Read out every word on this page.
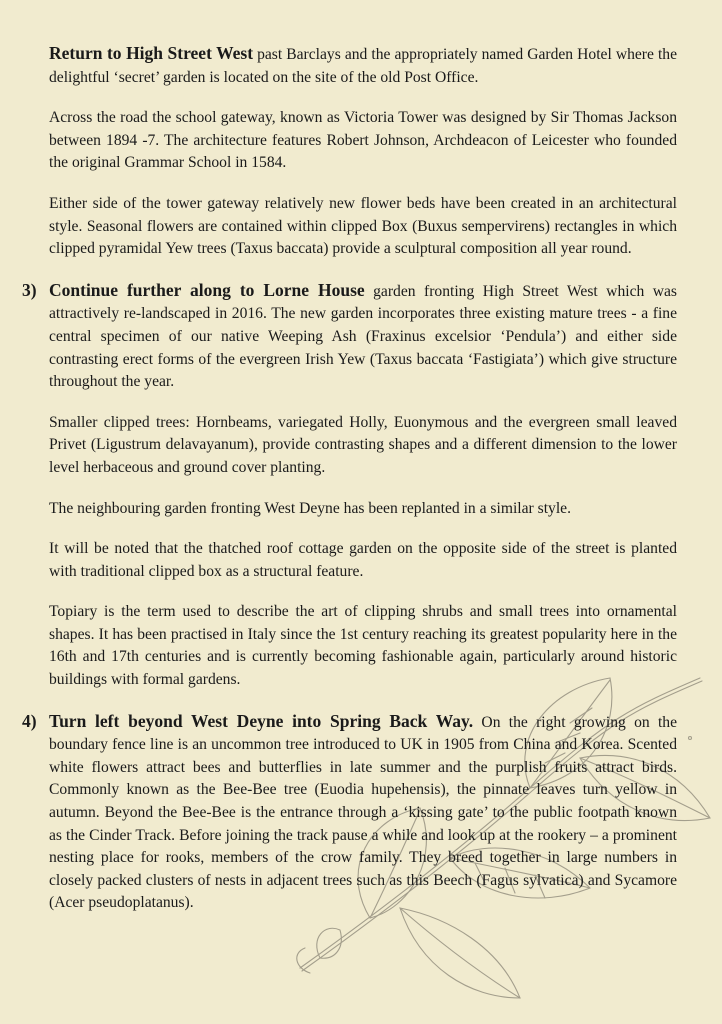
Return to High Street West past Barclays and the appropriately named Garden Hotel where the delightful ‘secret’ garden is located on the site of the old Post Office.

Across the road the school gateway, known as Victoria Tower was designed by Sir Thomas Jackson between 1894 -7. The architecture features Robert Johnson, Archdeacon of Leicester who founded the original Grammar School in 1584.

Either side of the tower gateway relatively new flower beds have been created in an architectural style. Seasonal flowers are contained within clipped Box (Buxus sempervirens) rectangles in which clipped pyramidal Yew trees (Taxus baccata) provide a sculptural composition all year round.

3) Continue further along to Lorne House garden fronting High Street West which was attractively re-landscaped in 2016. The new garden incorporates three existing mature trees - a fine central specimen of our native Weeping Ash (Fraxinus excelsior ‘Pendula’) and either side contrasting erect forms of the evergreen Irish Yew (Taxus baccata ‘Fastigiata’) which give structure throughout the year.

Smaller clipped trees: Hornbeams, variegated Holly, Euonymous and the evergreen small leaved Privet (Ligustrum delavayanum), provide contrasting shapes and a different dimension to the lower level herbaceous and ground cover planting.

The neighbouring garden fronting West Deyne has been replanted in a similar style.

It will be noted that the thatched roof cottage garden on the opposite side of the street is planted with traditional clipped box as a structural feature.

Topiary is the term used to describe the art of clipping shrubs and small trees into ornamental shapes. It has been practised in Italy since the 1st century reaching its greatest popularity here in the 16th and 17th centuries and is currently becoming fashionable again, particularly around historic buildings with formal gardens.

4) Turn left beyond West Deyne into Spring Back Way. On the right growing on the boundary fence line is an uncommon tree introduced to UK in 1905 from China and Korea. Scented white flowers attract bees and butterflies in late summer and the purplish fruits attract birds. Commonly known as the Bee-Bee tree (Euodia hupehensis), the pinnate leaves turn yellow in autumn. Beyond the Bee-Bee is the entrance through a ‘kissing gate’ to the public footpath known as the Cinder Track. Before joining the track pause a while and look up at the rookery – a prominent nesting place for rooks, members of the crow family. They breed together in large numbers in closely packed clusters of nests in adjacent trees such as this Beech (Fagus sylvatica) and Sycamore (Acer pseudoplatanus).
